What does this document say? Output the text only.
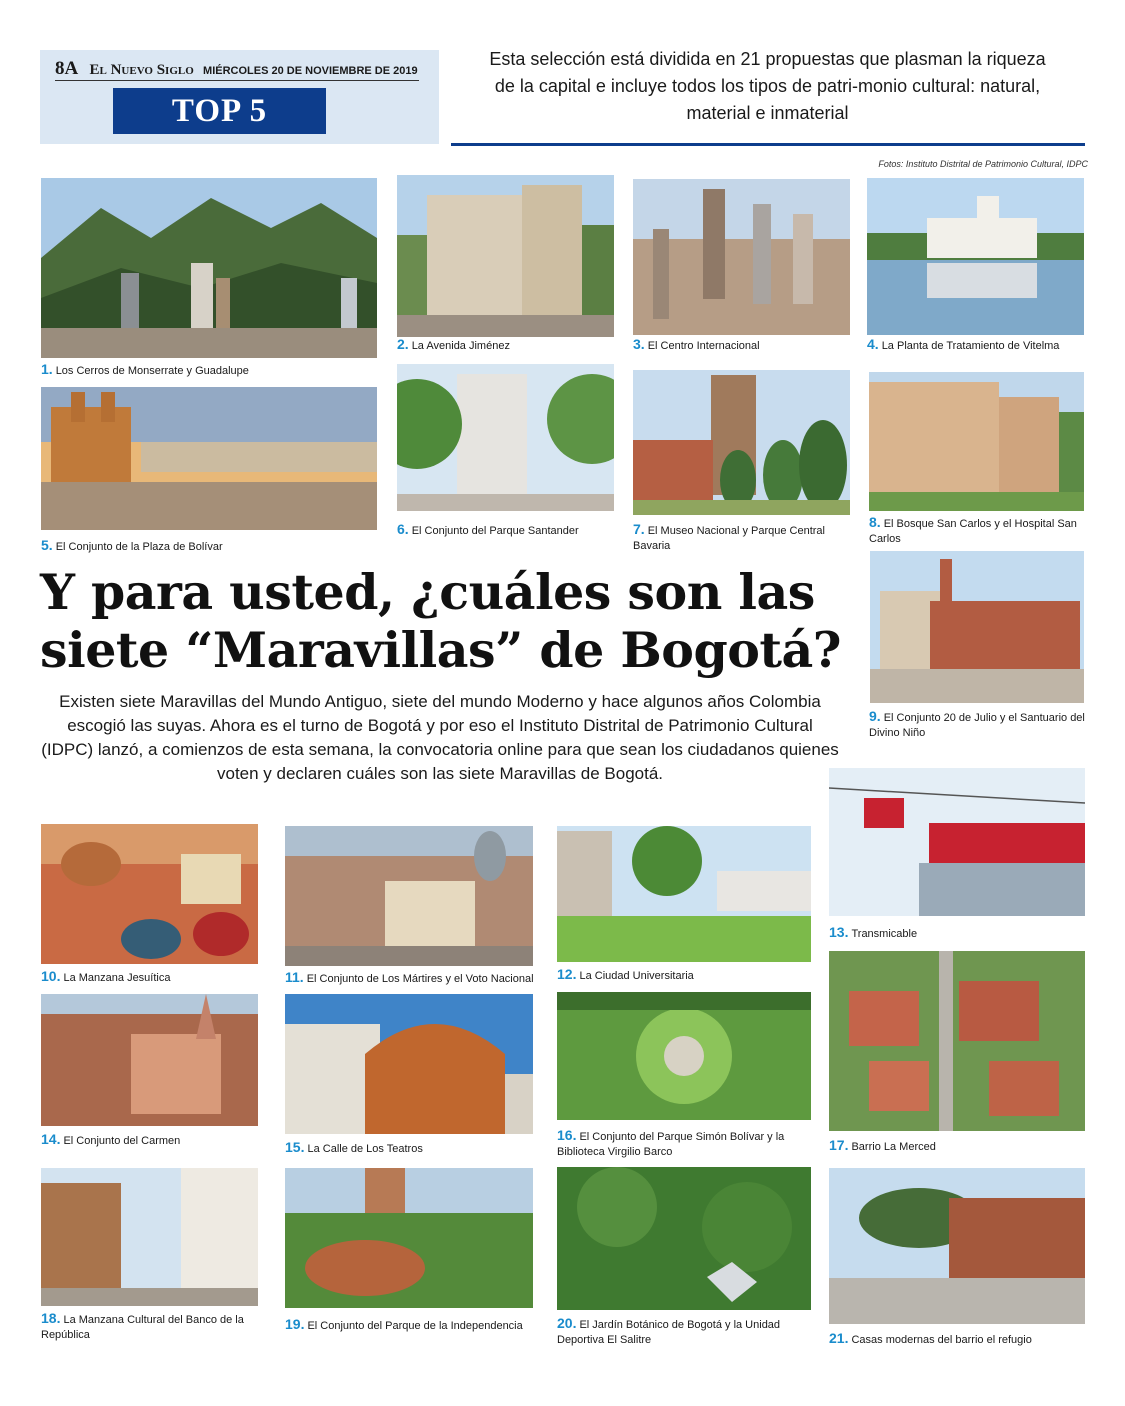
8A El Nuevo Siglo MIÉRCOLES 20 DE NOVIEMBRE DE 2019
TOP 5
Esta selección está dividida en 21 propuestas que plasman la riqueza de la capital e incluye todos los tipos de patri-monio cultural: natural, material e inmaterial
Fotos: Instituto Distrital de Patrimonio Cultural, IDPC
1. Los Cerros de Monserrate y Guadalupe
2. La Avenida Jiménez	3. El Centro Internacional	4. La Planta de Tratamiento de Vitelma
5. El Conjunto de la Plaza de Bolívar
6. El Conjunto del Parque Santander	7. El Museo Nacional y Parque Central Bavaria
8. El Bosque San Carlos y el Hospital San Carlos
Y para usted, ¿cuáles son las siete “Maravillas” de Bogotá?
9. El Conjunto 20 de Julio y el Santuario del Divino Niño
Existen siete Maravillas del Mundo Antiguo, siete del mundo Moderno y hace algunos años Colombia escogió las suyas. Ahora es el turno de Bogotá y por eso el Instituto Distrital de Patrimonio Cultural (IDPC) lanzó, a comienzos de esta semana, la convocatoria online para que sean los ciudadanos quienes voten y declaren cuáles son las siete Maravillas de Bogotá.
13. Transmicable
10. La Manzana Jesuítica	11. El Conjunto de Los Mártires y el Voto Nacional 12. La Ciudad Universitaria
14. El Conjunto del Carmen	15. La Calle de Los Teatros
16. El Conjunto del Parque Simón Bolívar y la Biblioteca Virgilio Barco	17. Barrio La Merced
18. La Manzana Cultural del Banco de la República
19. El Conjunto del Parque de la Independencia	20. El Jardín Botánico de Bogotá y la Unidad Deportiva El Salitre	21. Casas modernas del barrio el refugio
